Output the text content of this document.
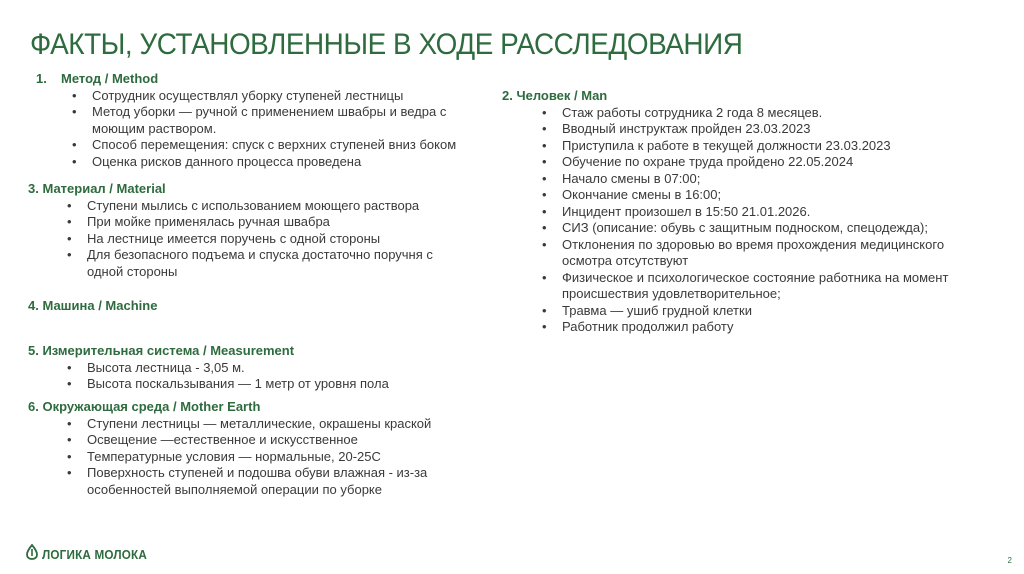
ФАКТЫ, УСТАНОВЛЕННЫЕ В ХОДЕ РАССЛЕДОВАНИЯ
1. Метод / Method
• Сотрудник осуществлял уборку ступеней лестницы
• Метод уборки — ручной с применением швабры и ведра с моющим раствором.
• Способ перемещения: спуск с верхних ступеней вниз боком
• Оценка рисков данного процесса проведена
3. Материал / Material
• Ступени мылись с использованием моющего раствора
• При мойке применялась ручная швабра
• На лестнице имеется поручень с одной стороны
• Для безопасного подъема и спуска достаточно поручня с одной стороны
4. Машина / Machine
5. Измерительная система / Measurement
• Высота лестница - 3,05 м.
• Высота поскальзывания — 1 метр от уровня пола
6. Окружающая среда / Mother Earth
• Ступени лестницы — металлические, окрашены краской
• Освещение —естественное и искусственное
• Температурные условия — нормальные, 20-25С
• Поверхность ступеней и подошва обуви влажная - из-за особенностей выполняемой операции по уборке
2. Человек / Man
• Стаж работы сотрудника 2 года 8 месяцев.
• Вводный инструктаж пройден 23.03.2023
• Приступила к работе в текущей должности 23.03.2023
• Обучение по охране труда пройдено 22.05.2024
• Начало смены в 07:00;
• Окончание смены в 16:00;
• Инцидент произошел в 15:50 21.01.2026.
• СИЗ (описание: обувь с защитным подноском, спецодежда);
• Отклонения по здоровью во время прохождения медицинского осмотра отсутствуют
• Физическое и психологическое состояние работника на момент происшествия удовлетворительное;
• Травма — ушиб грудной клетки
• Работник продолжил работу
ЛОГИКА МОЛОКА	2
